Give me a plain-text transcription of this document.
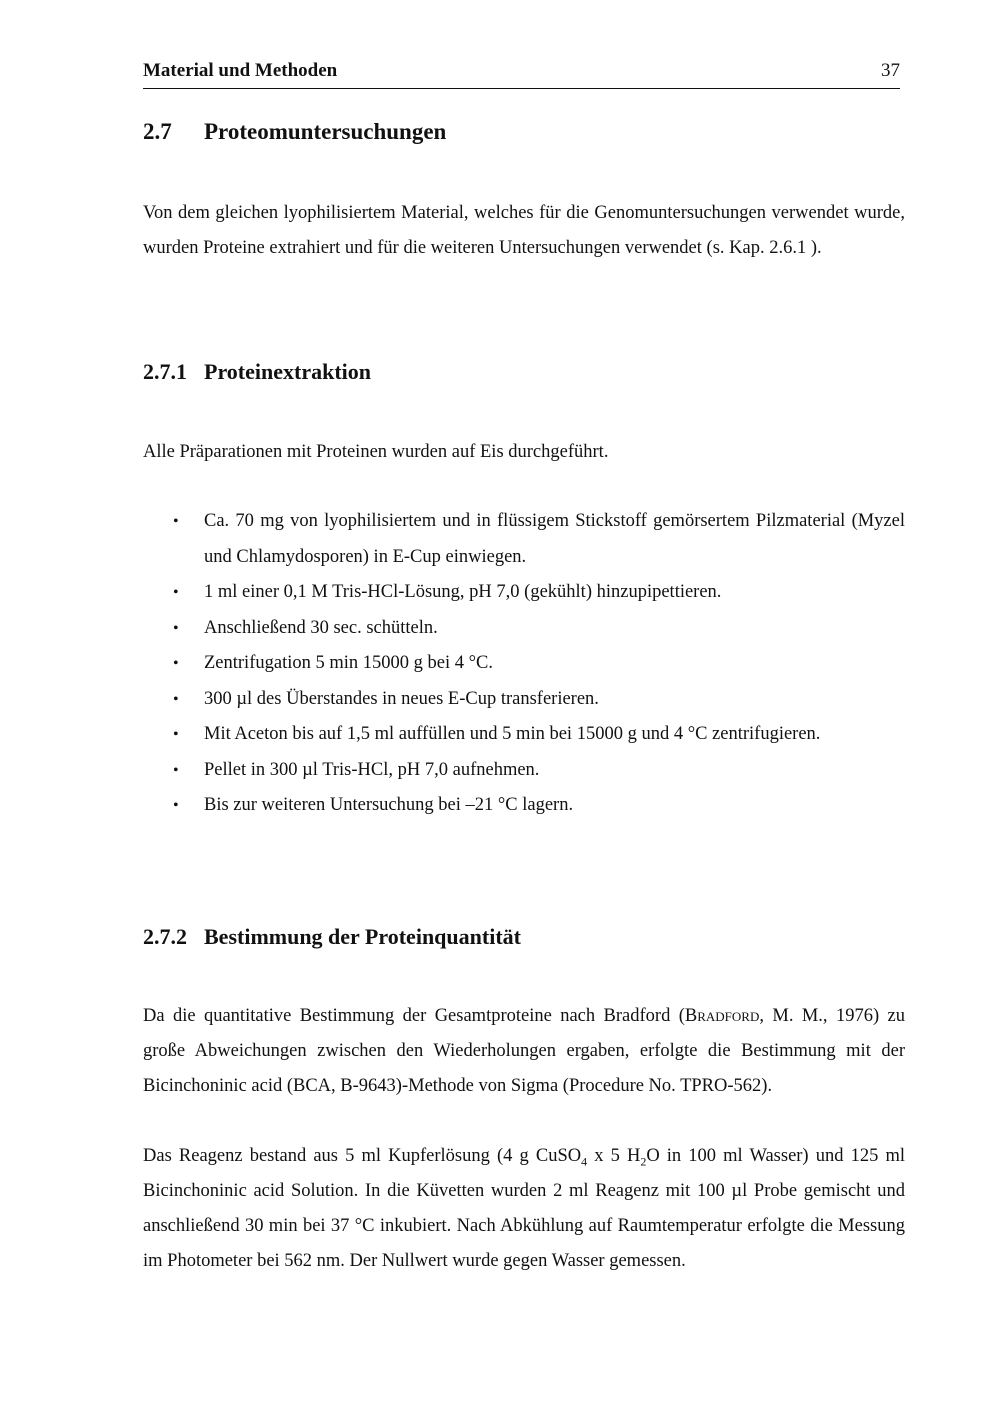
Material und Methoden	37
2.7 Proteomuntersuchungen

Von dem gleichen lyophilisiertem Material, welches für die Genomuntersuchungen verwendet wurde, wurden Proteine extrahiert und für die weiteren Untersuchungen verwendet (s. Kap. 2.6.1 ).

2.7.1 Proteinextraktion

Alle Präparationen mit Proteinen wurden auf Eis durchgeführt.

• Ca. 70 mg von lyophilisiertem und in flüssigem Stickstoff gemörsertem Pilzmaterial (Myzel und Chlamydosporen) in E-Cup einwiegen.
• 1 ml einer 0,1 M Tris-HCl-Lösung, pH 7,0 (gekühlt) hinzupipettieren.
• Anschließend 30 sec. schütteln.
• Zentrifugation 5 min 15000 g bei 4 °C.
• 300 µl des Überstandes in neues E-Cup transferieren.
• Mit Aceton bis auf 1,5 ml auffüllen und 5 min bei 15000 g und 4 °C zentrifugieren.
• Pellet in 300 µl Tris-HCl, pH 7,0 aufnehmen.
• Bis zur weiteren Untersuchung bei –21 °C lagern.
2.7.2 Bestimmung der Proteinquantität

Da die quantitative Bestimmung der Gesamtproteine nach Bradford (Bradford, M. M., 1976) zu große Abweichungen zwischen den Wiederholungen ergaben, erfolgte die Bestimmung mit der Bicinchoninic acid (BCA, B-9643)-Methode von Sigma (Procedure No. TPRO-562).

Das Reagenz bestand aus 5 ml Kupferlösung (4 g CuSO$_4$ x 5 $H_2O$ in 100 ml Wasser) und 125 ml Bicinchoninic acid Solution. In die Küvetten wurden 2 ml Reagenz mit 100 µl Probe gemischt und anschließend 30 min bei 37 °C inkubiert. Nach Abkühlung auf Raumtemperatur erfolgte die Messung im Photometer bei 562 nm. Der Nullwert wurde gegen Wasser gemessen.
